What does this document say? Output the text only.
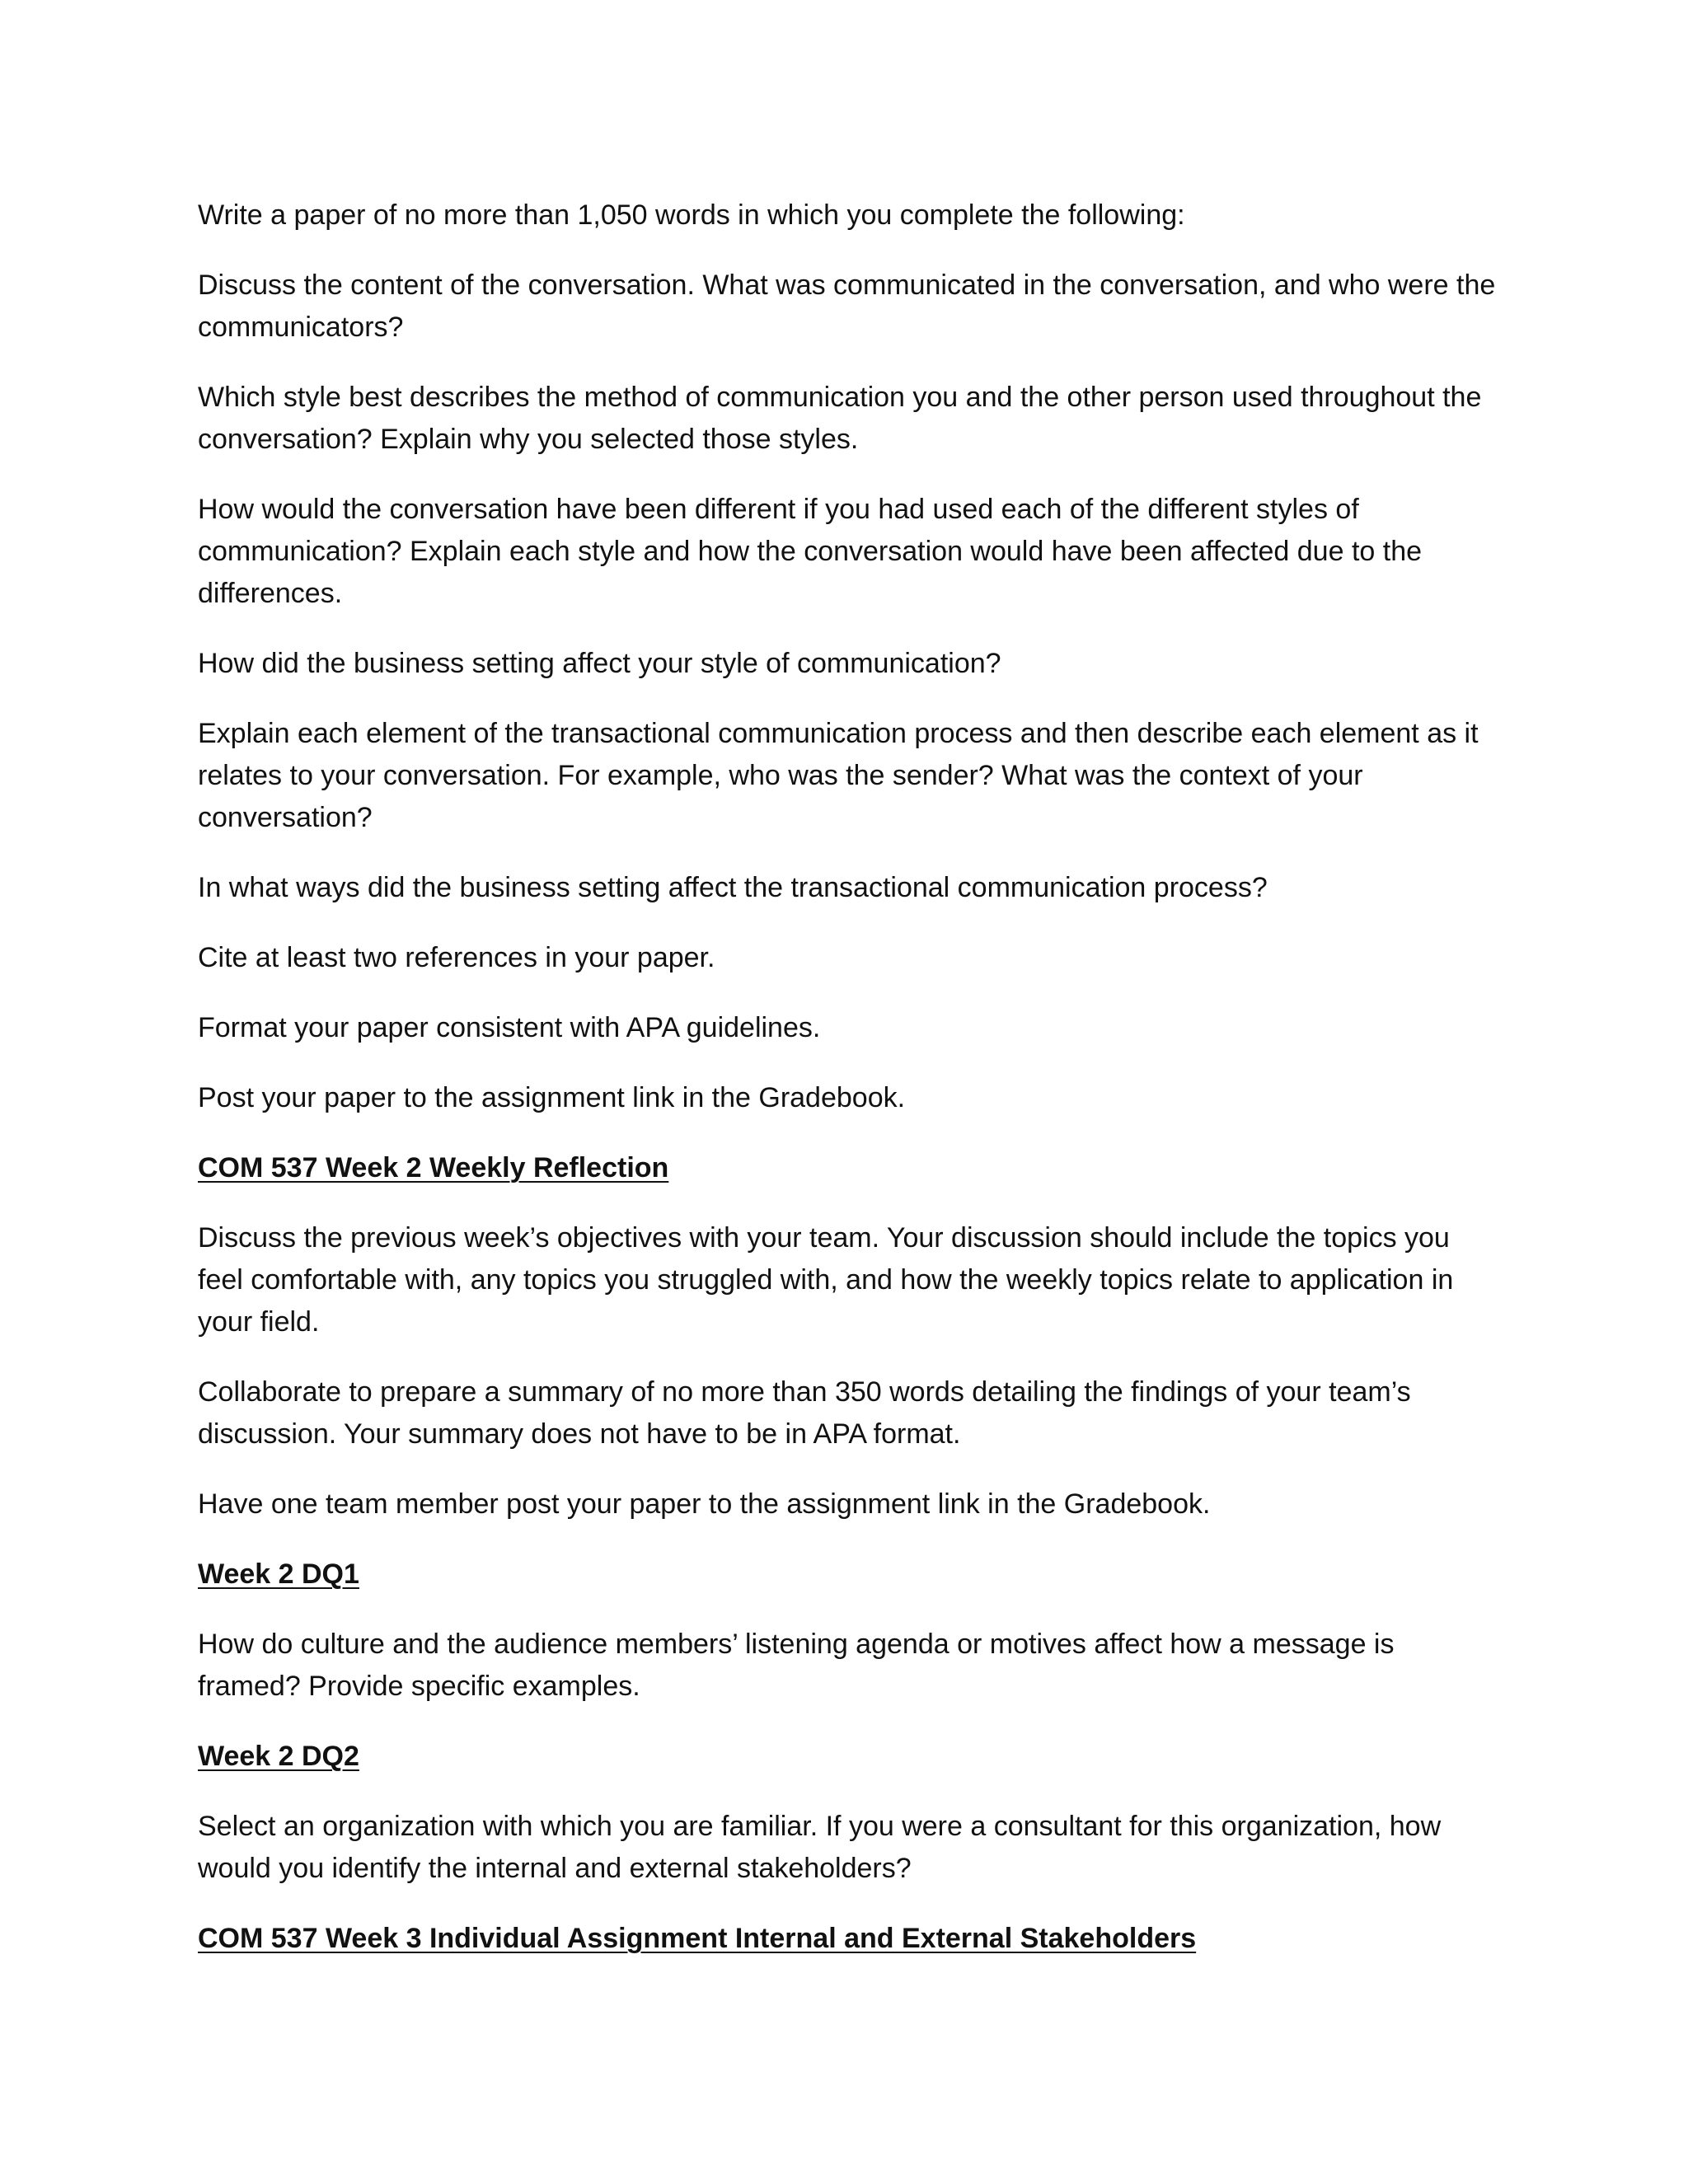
Write a paper of no more than 1,050 words in which you complete the following:

Discuss the content of the conversation. What was communicated in the conversation, and who were the communicators?

Which style best describes the method of communication you and the other person used throughout the conversation? Explain why you selected those styles.

How would the conversation have been different if you had used each of the different styles of communication? Explain each style and how the conversation would have been affected due to the differences.

How did the business setting affect your style of communication?

Explain each element of the transactional communication process and then describe each element as it relates to your conversation. For example, who was the sender? What was the context of your conversation?

In what ways did the business setting affect the transactional communication process?

Cite at least two references in your paper.

Format your paper consistent with APA guidelines.

Post your paper to the assignment link in the Gradebook.

COM 537 Week 2 Weekly Reflection

Discuss the previous week’s objectives with your team. Your discussion should include the topics you feel comfortable with, any topics you struggled with, and how the weekly topics relate to application in your field.

Collaborate to prepare a summary of no more than 350 words detailing the findings of your team’s discussion. Your summary does not have to be in APA format.

Have one team member post your paper to the assignment link in the Gradebook.

Week 2 DQ1

How do culture and the audience members’ listening agenda or motives affect how a message is framed? Provide specific examples.

Week 2 DQ2

Select an organization with which you are familiar. If you were a consultant for this organization, how would you identify the internal and external stakeholders?

COM 537 Week 3 Individual Assignment Internal and External Stakeholders
